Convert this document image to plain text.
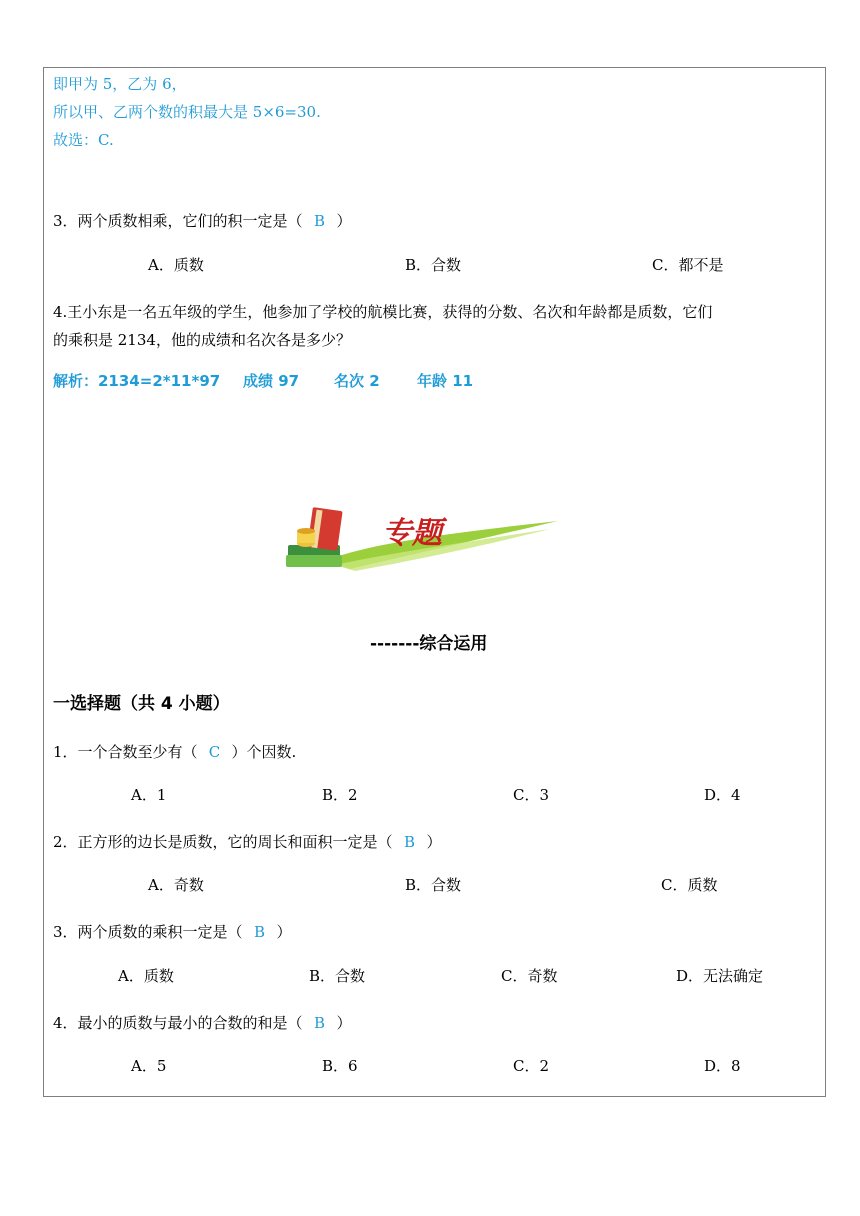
即甲为 5，乙为 6，
所以甲、乙两个数的积最大是 5×6=30.
故选：C.
3．两个质数相乘，它们的积一定是（ B ）
A．质数	B．合数	C．都不是
4.王小东是一名五年级的学生，他参加了学校的航模比赛，获得的分数、名次和年龄都是质数，它们
的乘积是 2134，他的成绩和名次各是多少？
解析：2134=2*11*97 成绩 97 名次 2 年龄 11
专题
-------综合运用
一选择题（共 4 小题）
1．一个合数至少有（ C ）个因数.
A．1	B．2	C．3	D．4
2．正方形的边长是质数，它的周长和面积一定是（ B ）
A．奇数	B．合数	C．质数
3．两个质数的乘积一定是（ B ）
A．质数	B．合数	C．奇数	D．无法确定
4．最小的质数与最小的合数的和是（ B ）
A．5	B．6	C．2	D．8
